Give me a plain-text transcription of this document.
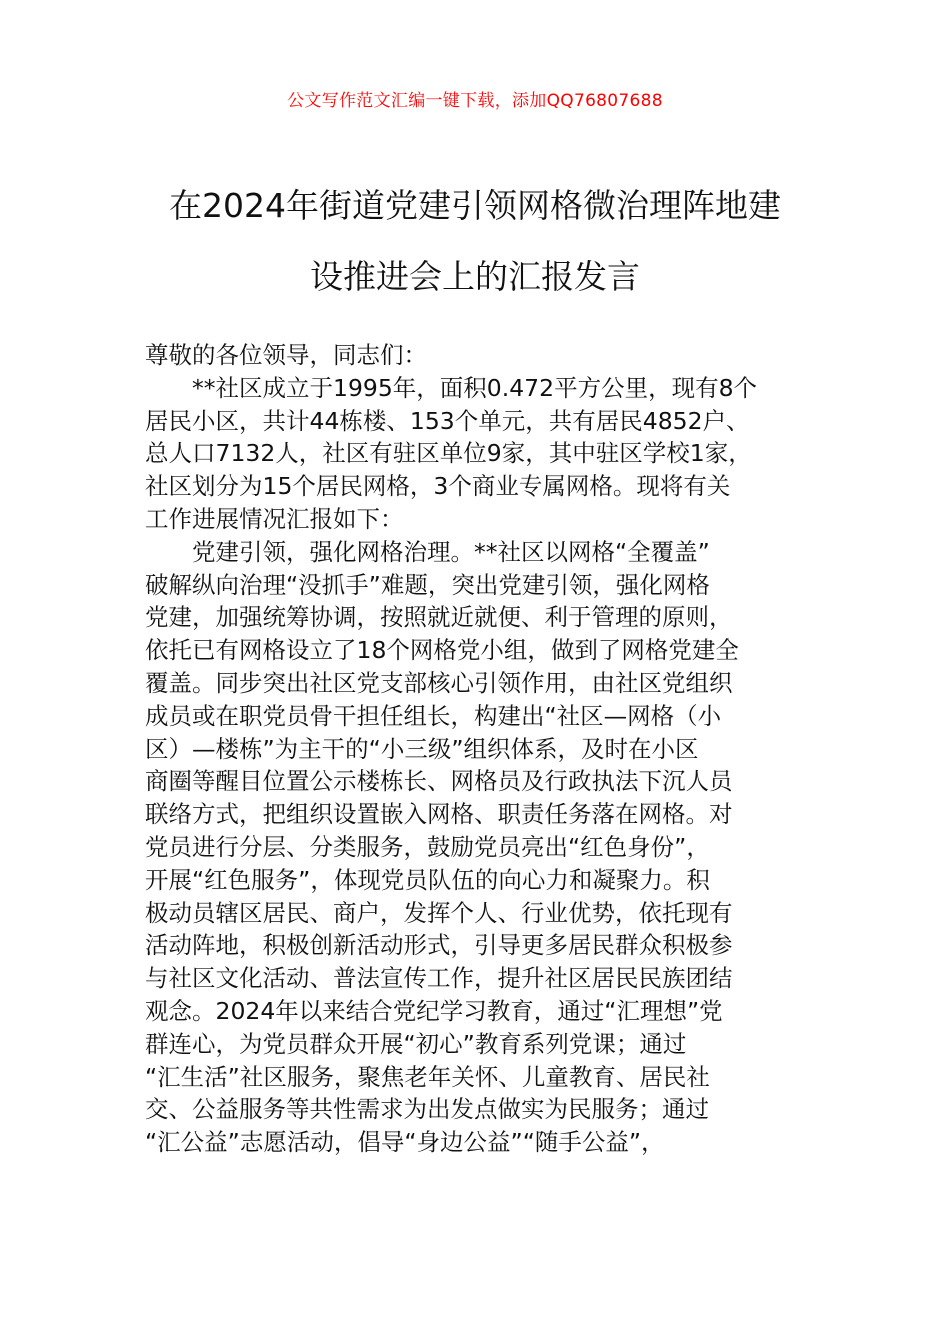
公文写作范文汇编一键下载，添加QQ76807688
在2024年街道党建引领网格微治理阵地建
设推进会上的汇报发言
尊敬的各位领导，同志们：
**社区成立于1995年，面积0.472平方公里，现有8个
居民小区，共计44栋楼、153个单元，共有居民4852户、
总人口7132人，社区有驻区单位9家，其中驻区学校1家，
社区划分为15个居民网格，3个商业专属网格。现将有关
工作进展情况汇报如下：
党建引领，强化网格治理。**社区以网格“全覆盖”
破解纵向治理“没抓手”难题，突出党建引领，强化网格
党建，加强统筹协调，按照就近就便、利于管理的原则，
依托已有网格设立了18个网格党小组，做到了网格党建全
覆盖。同步突出社区党支部核心引领作用，由社区党组织
成员或在职党员骨干担任组长，构建出“社区—网格（小
区）—楼栋”为主干的“小三级”组织体系，及时在小区
商圈等醒目位置公示楼栋长、网格员及行政执法下沉人员
联络方式，把组织设置嵌入网格、职责任务落在网格。对
党员进行分层、分类服务，鼓励党员亮出“红色身份”，
开展“红色服务”，体现党员队伍的向心力和凝聚力。积
极动员辖区居民、商户，发挥个人、行业优势，依托现有
活动阵地，积极创新活动形式，引导更多居民群众积极参
与社区文化活动、普法宣传工作，提升社区居民民族团结
观念。2024年以来结合党纪学习教育，通过“汇理想”党
群连心，为党员群众开展“初心”教育系列党课；通过
“汇生活”社区服务，聚焦老年关怀、儿童教育、居民社
交、公益服务等共性需求为出发点做实为民服务；通过
“汇公益”志愿活动，倡导“身边公益”“随手公益”，
